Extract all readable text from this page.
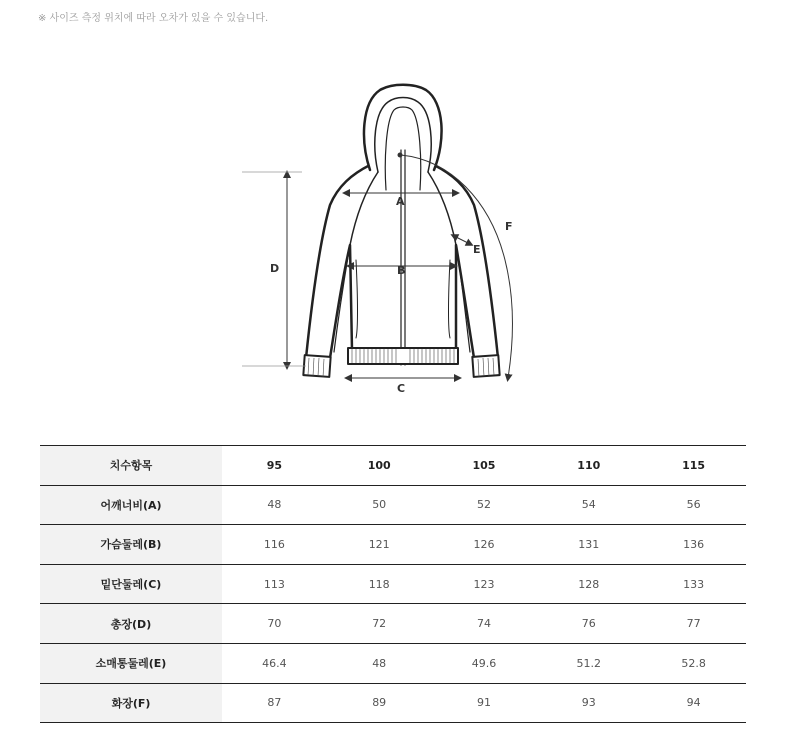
※ 사이즈 측정 위치에 따라 오차가 있을 수 있습니다.
A
B
C
D
E
F
치수항목	95	100	105	110	115
어깨너비(A)	48	50	52	54	56
가슴둘레(B)	116	121	126	131	136
밑단둘레(C)	113	118	123	128	133
총장(D)	70	72	74	76	77
소매통둘레(E)	46.4	48	49.6	51.2	52.8
화장(F)	87	89	91	93	94
